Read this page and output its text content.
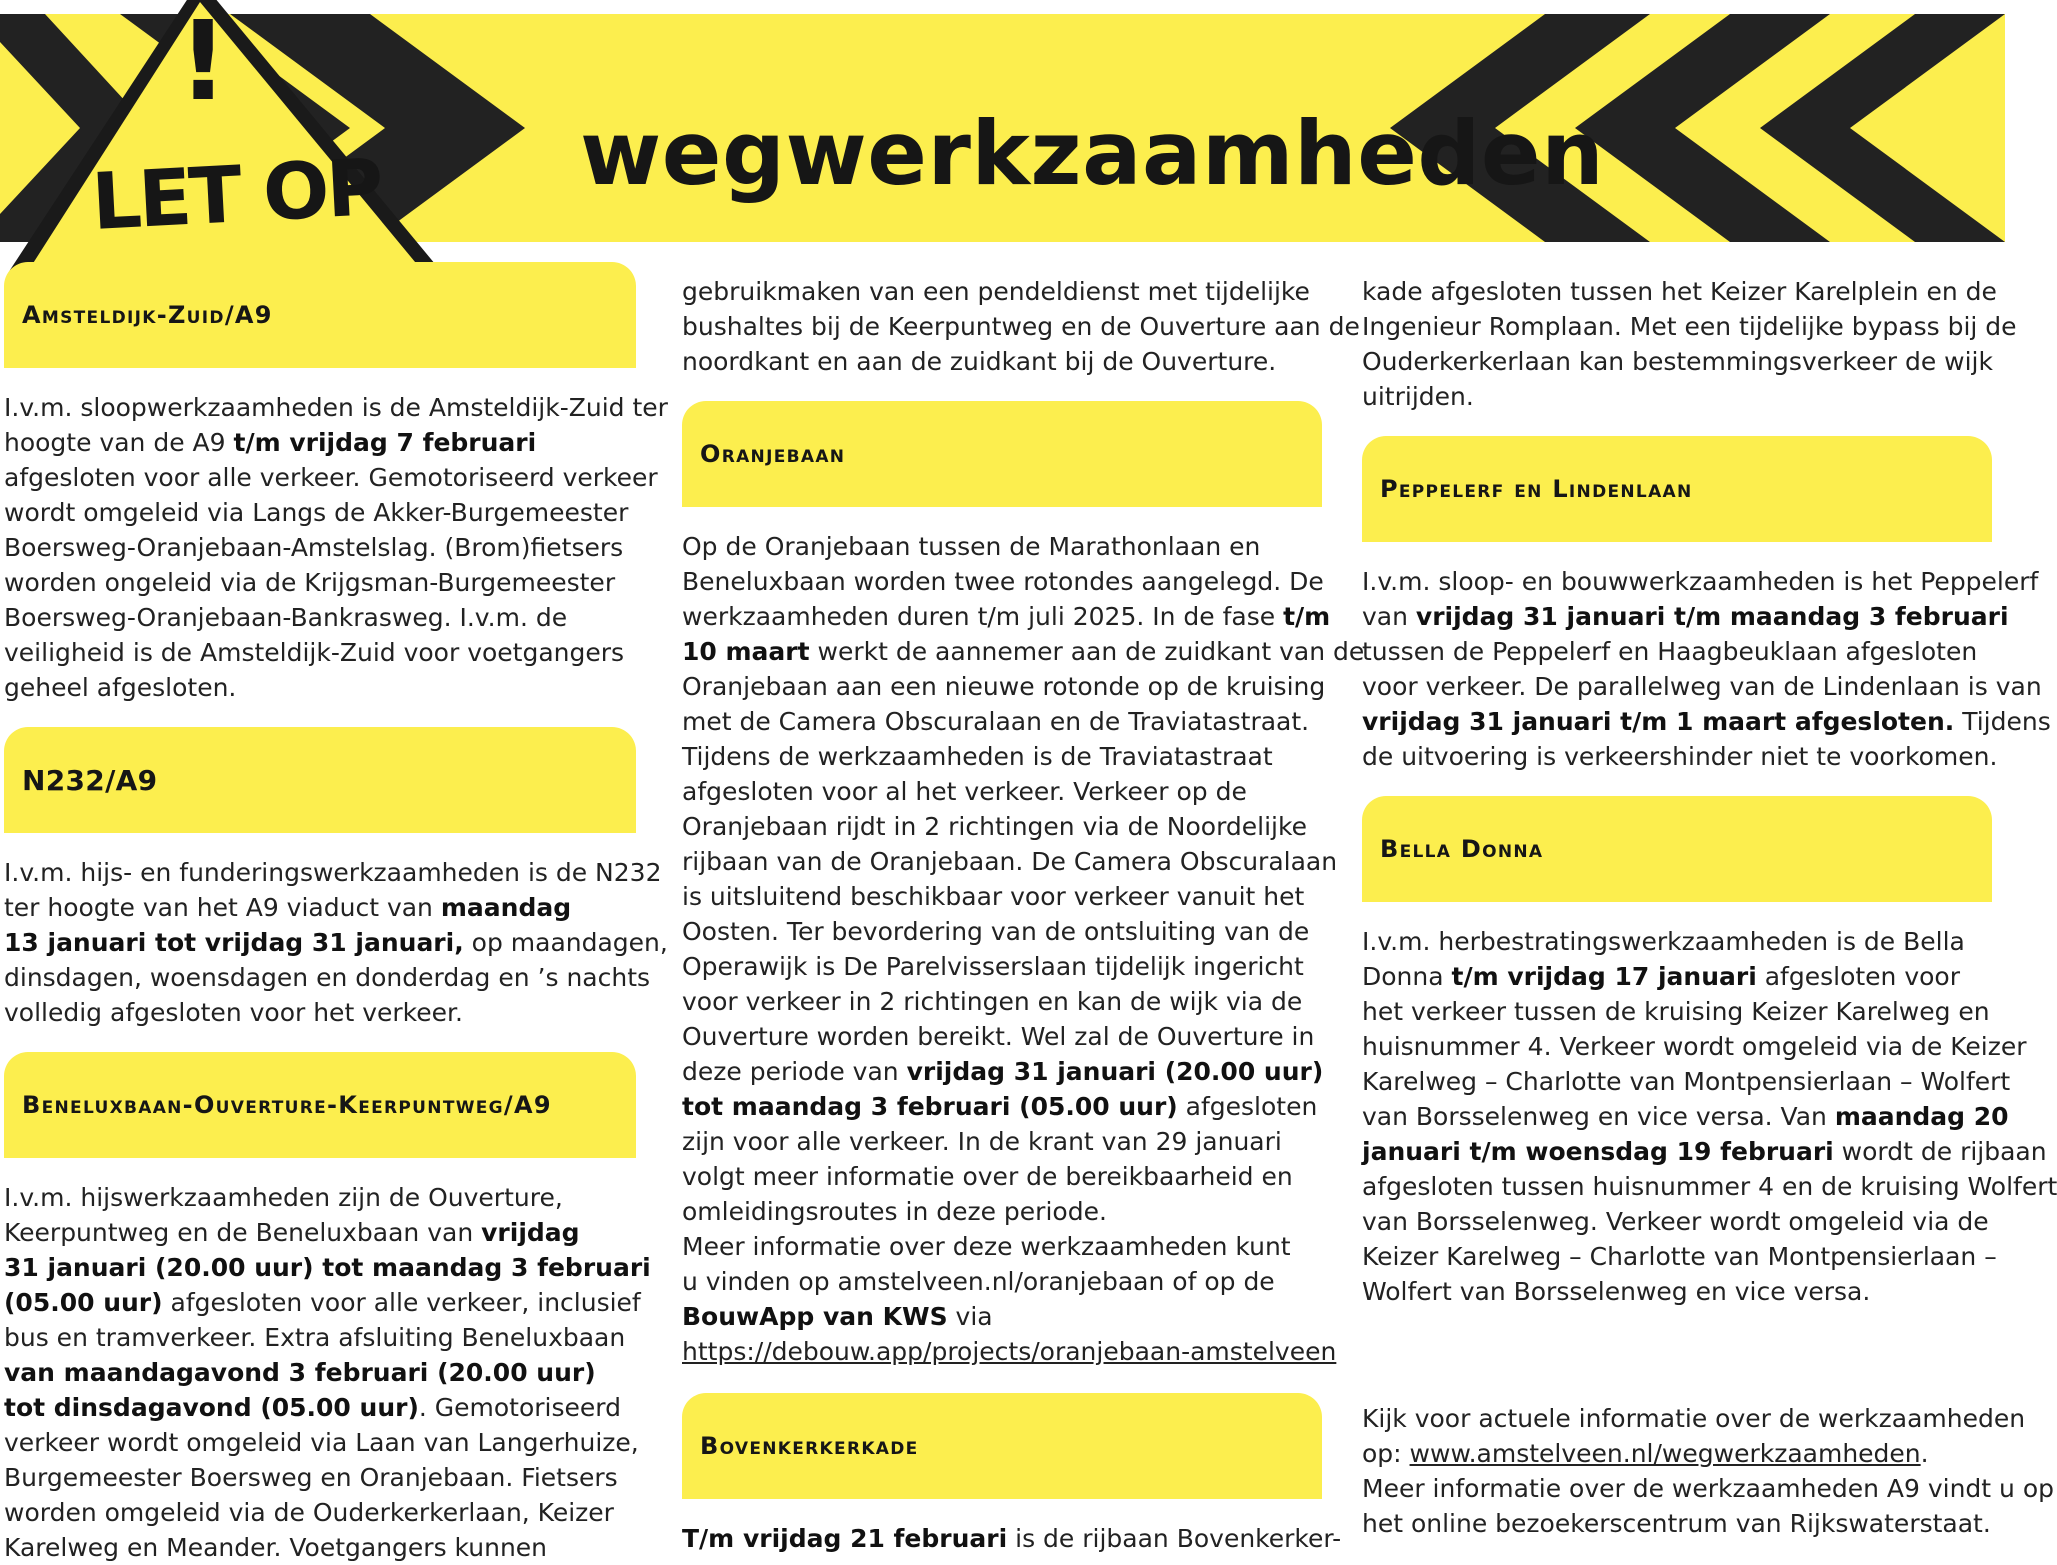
!
LET OP wegwerkzaamheden
Amsteldijk-Zuid/A9
I.v.m. sloopwerkzaamheden is de Amsteldijk-Zuid ter
hoogte van de A9 t/m vrijdag 7 februari
afgesloten voor alle verkeer. Gemotoriseerd verkeer
wordt omgeleid via Langs de Akker-Burgemeester
Boersweg-Oranjebaan-Amstelslag. (Brom)fietsers
worden ongeleid via de Krijgsman-Burgemeester
Boersweg-Oranjebaan-Bankrasweg. I.v.m. de
veiligheid is de Amsteldijk-Zuid voor voetgangers
geheel afgesloten.
N232/A9
I.v.m. hijs- en funderingswerkzaamheden is de N232
ter hoogte van het A9 viaduct van maandag
13 januari tot vrijdag 31 januari, op maandagen,
dinsdagen, woensdagen en donderdag en ’s nachts
volledig afgesloten voor het verkeer.
Beneluxbaan-Ouverture-Keerpuntweg/A9
I.v.m. hijswerkzaamheden zijn de Ouverture,
Keerpuntweg en de Beneluxbaan van vrijdag
31 januari (20.00 uur) tot maandag 3 februari
(05.00 uur) afgesloten voor alle verkeer, inclusief
bus en tramverkeer. Extra afsluiting Beneluxbaan
van maandagavond 3 februari (20.00 uur)
tot dinsdagavond (05.00 uur). Gemotoriseerd
verkeer wordt omgeleid via Laan van Langerhuize,
Burgemeester Boersweg en Oranjebaan. Fietsers
worden omgeleid via de Ouderkerkerlaan, Keizer
Karelweg en Meander. Voetgangers kunnen
gebruikmaken van een pendeldienst met tijdelijke
bushaltes bij de Keerpuntweg en de Ouverture aan de
noordkant en aan de zuidkant bij de Ouverture.
Oranjebaan
Op de Oranjebaan tussen de Marathonlaan en
Beneluxbaan worden twee rotondes aangelegd. De
werkzaamheden duren t/m juli 2025. In de fase t/m
10 maart werkt de aannemer aan de zuidkant van de
Oranjebaan aan een nieuwe rotonde op de kruising
met de Camera Obscuralaan en de Traviatastraat.
Tijdens de werkzaamheden is de Traviatastraat
afgesloten voor al het verkeer. Verkeer op de
Oranjebaan rijdt in 2 richtingen via de Noordelijke
rijbaan van de Oranjebaan. De Camera Obscuralaan
is uitsluitend beschikbaar voor verkeer vanuit het
Oosten. Ter bevordering van de ontsluiting van de
Operawijk is De Parelvisserslaan tijdelijk ingericht
voor verkeer in 2 richtingen en kan de wijk via de
Ouverture worden bereikt. Wel zal de Ouverture in
deze periode van vrijdag 31 januari (20.00 uur)
tot maandag 3 februari (05.00 uur) afgesloten
zijn voor alle verkeer. In de krant van 29 januari
volgt meer informatie over de bereikbaarheid en
omleidingsroutes in deze periode.
Meer informatie over deze werkzaamheden kunt
u vinden op amstelveen.nl/oranjebaan of op de
BouwApp van KWS via
https://debouw.app/projects/oranjebaan-amstelveen
Bovenkerkerkade
T/m vrijdag 21 februari is de rijbaan Bovenkerker-
kade afgesloten tussen het Keizer Karelplein en de
Ingenieur Romplaan. Met een tijdelijke bypass bij de
Ouderkerkerlaan kan bestemmingsverkeer de wijk
uitrijden.
Peppelerf en Lindenlaan
I.v.m. sloop- en bouwwerkzaamheden is het Peppelerf
van vrijdag 31 januari t/m maandag 3 februari
tussen de Peppelerf en Haagbeuklaan afgesloten
voor verkeer. De parallelweg van de Lindenlaan is van
vrijdag 31 januari t/m 1 maart afgesloten. Tijdens
de uitvoering is verkeershinder niet te voorkomen.
Bella Donna
I.v.m. herbestratingswerkzaamheden is de Bella
Donna t/m vrijdag 17 januari afgesloten voor
het verkeer tussen de kruising Keizer Karelweg en
huisnummer 4. Verkeer wordt omgeleid via de Keizer
Karelweg – Charlotte van Montpensierlaan – Wolfert
van Borsselenweg en vice versa. Van maandag 20
januari t/m woensdag 19 februari wordt de rijbaan
afgesloten tussen huisnummer 4 en de kruising Wolfert
van Borsselenweg. Verkeer wordt omgeleid via de
Keizer Karelweg – Charlotte van Montpensierlaan –
Wolfert van Borsselenweg en vice versa.
Kijk voor actuele informatie over de werkzaamheden
op: www.amstelveen.nl/wegwerkzaamheden.
Meer informatie over de werkzaamheden A9 vindt u op
het online bezoekerscentrum van Rijkswaterstaat.
